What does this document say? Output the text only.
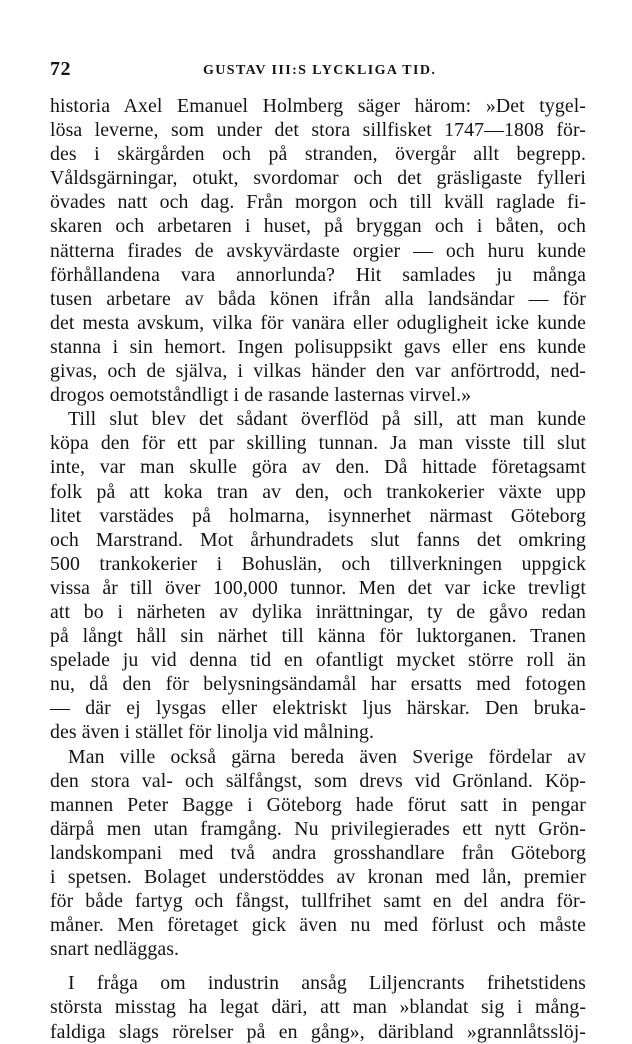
72	GUSTAV III:S LYCKLIGA TID.
historia Axel Emanuel Holmberg säger härom: »Det tygel-
lösa leverne, som under det stora sillfisket 1747—1808 för-
des i skärgården och på stranden, övergår allt begrepp.
Våldsgärningar, otukt, svordomar och det gräsligaste fylleri
övades natt och dag. Från morgon och till kväll raglade fi-
skaren och arbetaren i huset, på bryggan och i båten, och
nätterna firades de avskyvärdaste orgier — och huru kunde
förhållandena vara annorlunda? Hit samlades ju många
tusen arbetare av båda könen ifrån alla landsändar — för
det mesta avskum, vilka för vanära eller odugligheit icke kunde
stanna i sin hemort. Ingen polisuppsikt gavs eller ens kunde
givas, och de själva, i vilkas händer den var anförtrodd, ned-
drogos oemotståndligt i de rasande lasternas virvel.»
Till slut blev det sådant överflöd på sill, att man kunde
köpa den för ett par skilling tunnan. Ja man visste till slut
inte, var man skulle göra av den. Då hittade företagsamt
folk på att koka tran av den, och trankokerier växte upp
litet varstädes på holmarna, isynnerhet närmast Göteborg
och Marstrand. Mot århundradets slut fanns det omkring
500 trankokerier i Bohuslän, och tillverkningen uppgick
vissa år till över 100,000 tunnor. Men det var icke trevligt
att bo i närheten av dylika inrättningar, ty de gåvo redan
på långt håll sin närhet till känna för luktorganen. Tranen
spelade ju vid denna tid en ofantligt mycket större roll än
nu, då den för belysningsändamål har ersatts med fotogen
— där ej lysgas eller elektriskt ljus härskar. Den bruka-
des även i stället för linolja vid målning.
Man ville också gärna bereda även Sverige fördelar av
den stora val- och sälfångst, som drevs vid Grönland. Köp-
mannen Peter Bagge i Göteborg hade förut satt in pengar
därpå men utan framgång. Nu privilegierades ett nytt Grön-
landskompani med två andra grosshandlare från Göteborg
i spetsen. Bolaget understöddes av kronan med lån, premier
för både fartyg och fångst, tullfrihet samt en del andra för-
måner. Men företaget gick även nu med förlust och måste
snart nedläggas.
I fråga om industrin ansåg Liljencrants frihetstidens
största misstag ha legat däri, att man »blandat sig i mång-
faldiga slags rörelser på en gång», däribland »grannlåtsslöj-
